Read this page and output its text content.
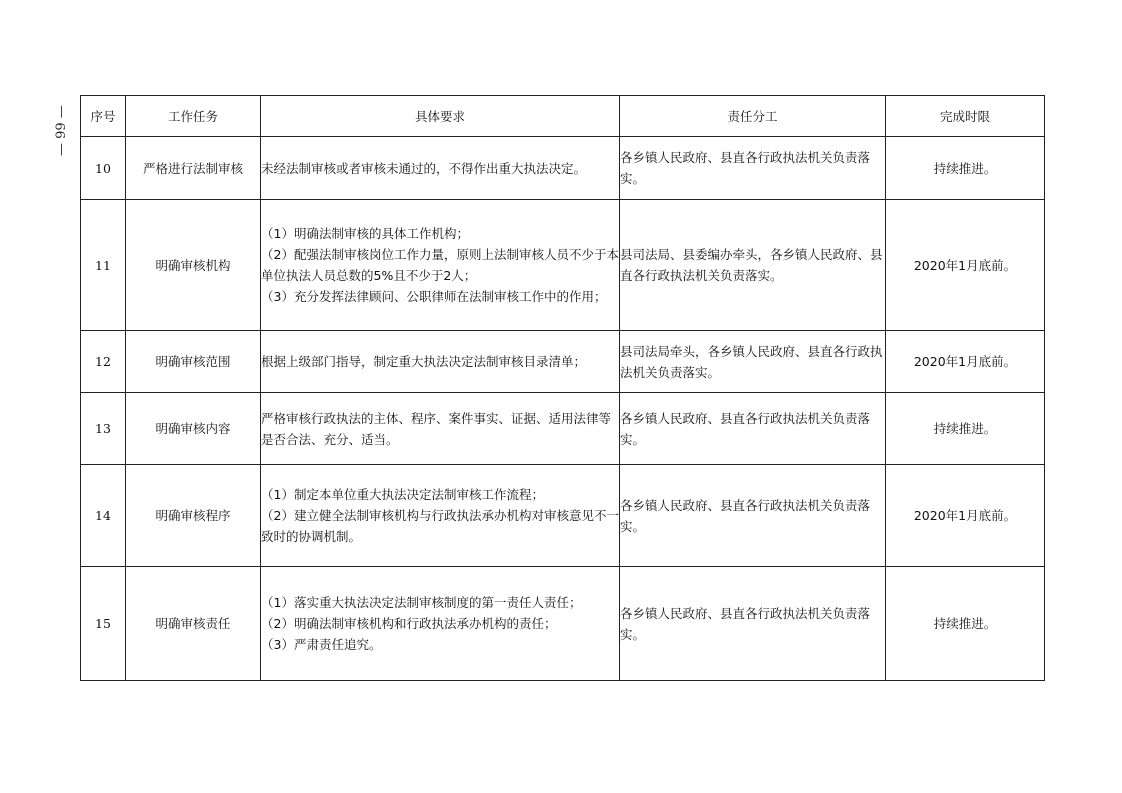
— 99 —	序号	工作任务	具体要求	责任分工	完成时限
10	严格进行法制审核	未经法制审核或者审核未通过的，不得作出重大执法决定。	各乡镇人民政府、县直各行政执法机关负责落实。	持续推进。
11	明确审核机构	（1）明确法制审核的具体工作机构；
（2）配强法制审核岗位工作力量，原则上法制审核人员不少于本单位执法人员总数的5%且不少于2人；
（3）充分发挥法律顾问、公职律师在法制审核工作中的作用；	县司法局、县委编办牵头，各乡镇人民政府、县直各行政执法机关负责落实。	2020年1月底前。
12	明确审核范围	根据上级部门指导，制定重大执法决定法制审核目录清单；	县司法局牵头，各乡镇人民政府、县直各行政执法机关负责落实。	2020年1月底前。
13	明确审核内容	严格审核行政执法的主体、程序、案件事实、证据、适用法律等是否合法、充分、适当。	各乡镇人民政府、县直各行政执法机关负责落实。	持续推进。
14	明确审核程序	（1）制定本单位重大执法决定法制审核工作流程；
（2）建立健全法制审核机构与行政执法承办机构对审核意见不一致时的协调机制。	各乡镇人民政府、县直各行政执法机关负责落实。	2020年1月底前。
15	明确审核责任	（1）落实重大执法决定法制审核制度的第一责任人责任；
（2）明确法制审核机构和行政执法承办机构的责任；
（3）严肃责任追究。	各乡镇人民政府、县直各行政执法机关负责落实。	持续推进。
